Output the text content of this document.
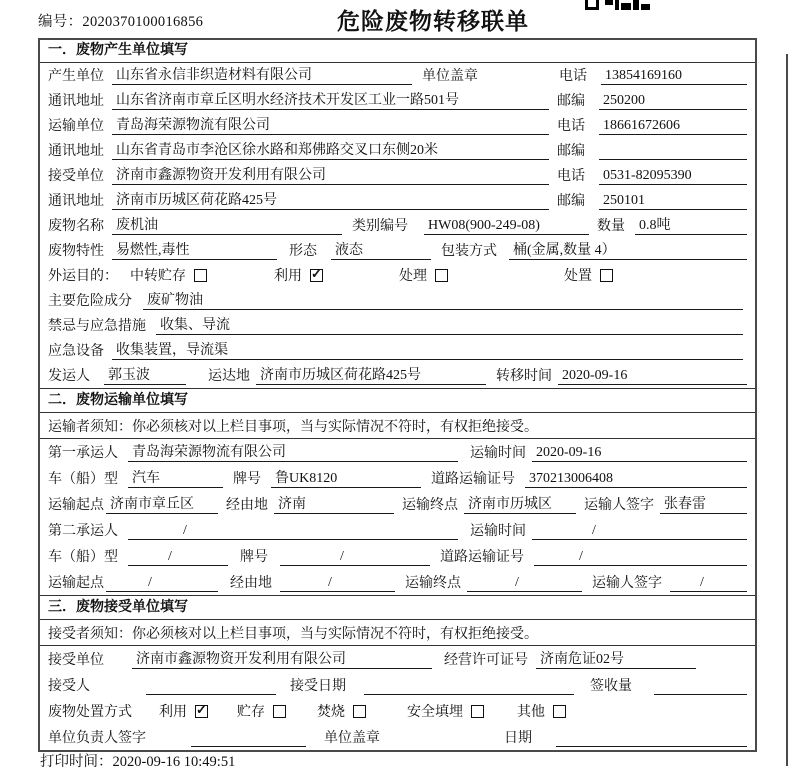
编号：2020370100016856	危险废物转移联单
一．废物产生单位填写
产生单位 山东省永信非织造材料有限公司	单位盖章	电话	13854169160
通讯地址 山东省济南市章丘区明水经济技术开发区工业一路501号	邮编	250200
运输单位 青岛海荣源物流有限公司	电话	18661672606
通讯地址 山东省青岛市李沧区徐水路和郑佛路交叉口东侧20米	邮编
接受单位 济南市鑫源物资开发利用有限公司	电话	0531-82095390
通讯地址 济南市历城区荷花路425号	邮编	250101
废物名称 废机油	类别编号	HW08(900-249-08)	数量	0.8吨
废物特性 易燃性,毒性	形态	液态	包装方式	桶(金属,数量 4）
外运目的： 中转贮存	利用 ✓	处理	处置
主要危险成分	废矿物油
禁忌与应急措施	收集、导流
应急设备 收集装置，导流渠
发运人	郭玉波	运达地 济南市历城区荷花路425号	转移时间 2020-09-16
二．废物运输单位填写
运输者须知：你必须核对以上栏目事项，当与实际情况不符时，有权拒绝接受。
第一承运人	青岛海荣源物流有限公司	运输时间 2020-09-16
车（船）型	汽车	牌号	鲁UK8120	道路运输证号	370213006408
运输起点 济南市章丘区	经由地 济南	运输终点 济南市历城区	运输人签字 张春雷
第二承运人	/	运输时间	/
车（船）型	/	牌号	/	道路运输证号	/
运输起点	/	经由地	/	运输终点	/	运输人签字	/
三．废物接受单位填写
接受者须知：你必须核对以上栏目事项，当与实际情况不符时，有权拒绝接受。
接受单位	济南市鑫源物资开发利用有限公司	经营许可证号 济南危证02号
接受人	接受日期	签收量
废物处置方式	利用 ✓	贮存	焚烧	安全填埋	其他
单位负责人签字	单位盖章	日期
打印时间：2020-09-16 10:49:51
